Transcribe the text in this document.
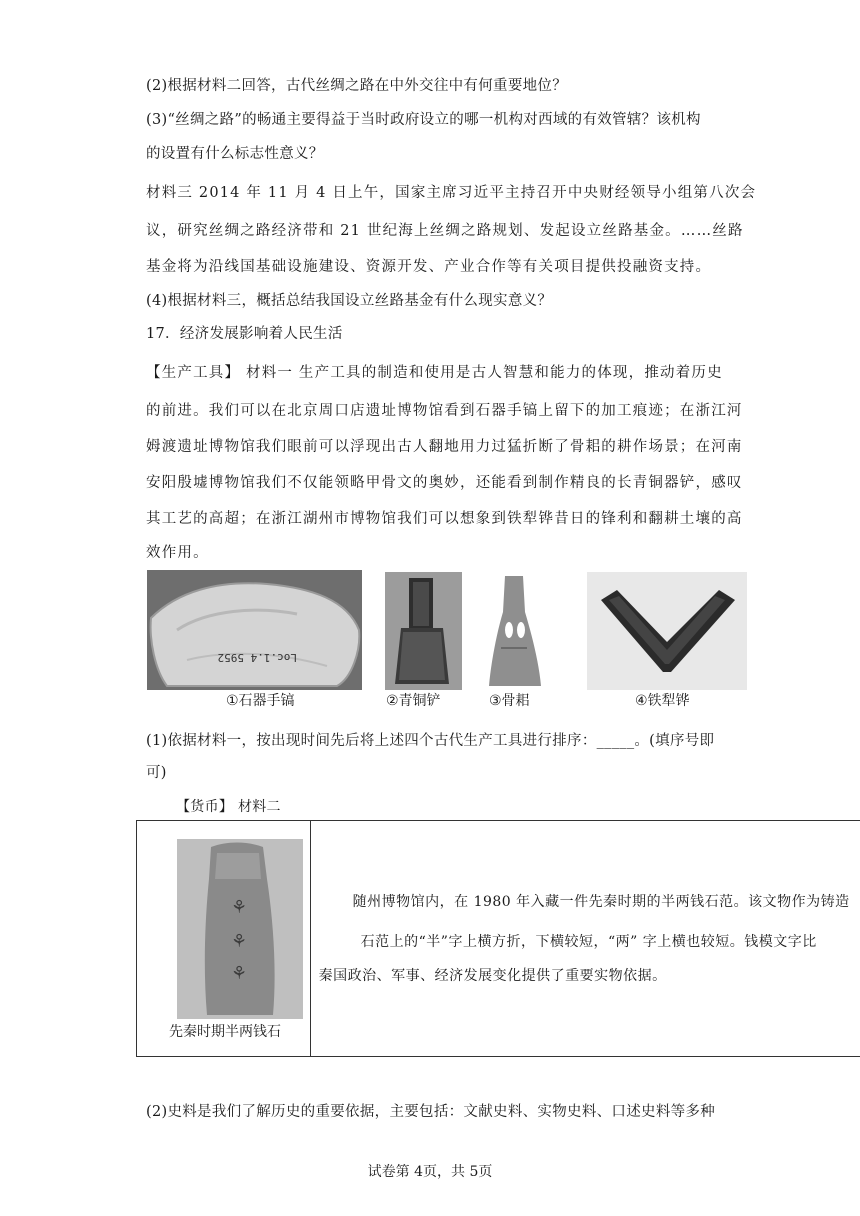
(2)根据材料二回答，古代丝绸之路在中外交往中有何重要地位？
(3)“丝绸之路”的畅通主要得益于当时政府设立的哪一机构对西域的有效管辖？该机构
的设置有什么标志性意义？
材料三 2014 年 11 月 4 日上午，国家主席习近平主持召开中央财经领导小组第八次会
议，研究丝绸之路经济带和 21 世纪海上丝绸之路规划、发起设立丝路基金。……丝路
基金将为沿线国基础设施建设、资源开发、产业合作等有关项目提供投融资支持。
(4)根据材料三，概括总结我国设立丝路基金有什么现实意义？
17．经济发展影响着人民生活
【生产工具】 材料一 生产工具的制造和使用是古人智慧和能力的体现，推动着历史
的前进。我们可以在北京周口店遗址博物馆看到石器手镐上留下的加工痕迹；在浙江河
姆渡遗址博物馆我们眼前可以浮现出古人翻地用力过猛折断了骨耜的耕作场景；在河南
安阳殷墟博物馆我们不仅能领略甲骨文的奥妙，还能看到制作精良的长青铜器铲，感叹
其工艺的高超；在浙江湖州市博物馆我们可以想象到铁犁铧昔日的锋利和翻耕土壤的高
效作用。
Loc.1.4 5952
①石器手镐	②青铜铲	③骨耜	④铁犁铧
(1)依据材料一，按出现时间先后将上述四个古代生产工具进行排序：_____。(填序号即
可)
【货币】 材料二
⚘
⚘
⚘
先秦时期半两钱石

随州博物馆内，在 1980 年入藏一件先秦时期的半两钱石范。该文物作为铸造
石范上的“半”字上横方折，下横较短，“两” 字上横也较短。钱模文字比
秦国政治、军事、经济发展变化提供了重要实物依据。
(2)史料是我们了解历史的重要依据，主要包括：文献史料、实物史料、口述史料等多种
试卷第 4页，共 5页
